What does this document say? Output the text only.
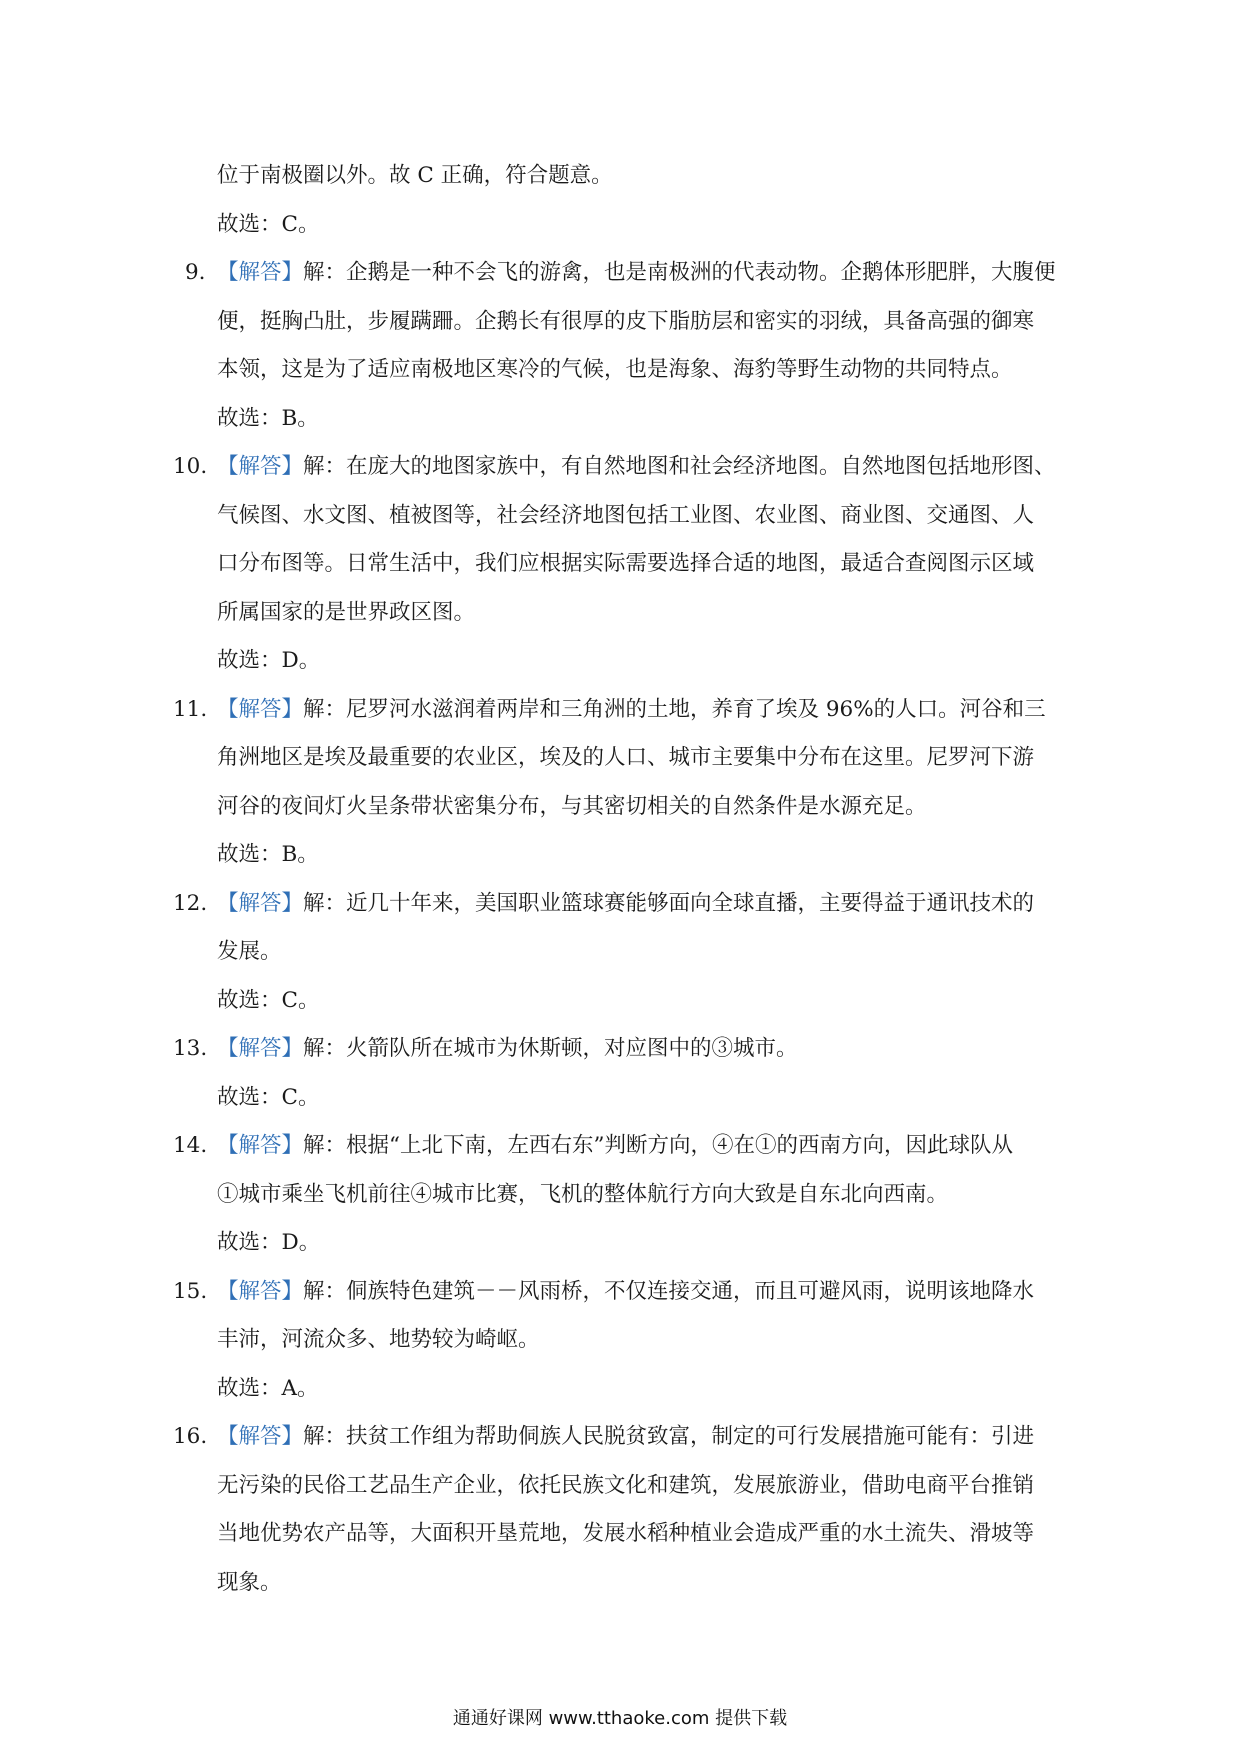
位于南极圈以外。故 C 正确，符合题意。
故选：C。
9. 【解答】解：企鹅是一种不会飞的游禽，也是南极洲的代表动物。企鹅体形肥胖，大腹便
便，挺胸凸肚，步履蹒跚。企鹅长有很厚的皮下脂肪层和密实的羽绒，具备高强的御寒
本领，这是为了适应南极地区寒冷的气候，也是海象、海豹等野生动物的共同特点。
故选：B。
10. 【解答】解：在庞大的地图家族中，有自然地图和社会经济地图。自然地图包括地形图、
气候图、水文图、植被图等，社会经济地图包括工业图、农业图、商业图、交通图、人
口分布图等。日常生活中，我们应根据实际需要选择合适的地图，最适合查阅图示区域
所属国家的是世界政区图。
故选：D。
11. 【解答】解：尼罗河水滋润着两岸和三角洲的土地，养育了埃及 96%的人口。河谷和三
角洲地区是埃及最重要的农业区，埃及的人口、城市主要集中分布在这里。尼罗河下游
河谷的夜间灯火呈条带状密集分布，与其密切相关的自然条件是水源充足。
故选：B。
12. 【解答】解：近几十年来，美国职业篮球赛能够面向全球直播，主要得益于通讯技术的
发展。
故选：C。
13. 【解答】解：火箭队所在城市为休斯顿，对应图中的③城市。
故选：C。
14. 【解答】解：根据“上北下南，左西右东”判断方向，④在①的西南方向，因此球队从
①城市乘坐飞机前往④城市比赛，飞机的整体航行方向大致是自东北向西南。
故选：D。
15. 【解答】解：侗族特色建筑－－风雨桥，不仅连接交通，而且可避风雨，说明该地降水
丰沛，河流众多、地势较为崎岖。
故选：A。
16. 【解答】解：扶贫工作组为帮助侗族人民脱贫致富，制定的可行发展措施可能有：引进
无污染的民俗工艺品生产企业，依托民族文化和建筑，发展旅游业，借助电商平台推销
当地优势农产品等，大面积开垦荒地，发展水稻种植业会造成严重的水土流失、滑坡等
现象。
通通好课网 www.tthaoke.com 提供下载
